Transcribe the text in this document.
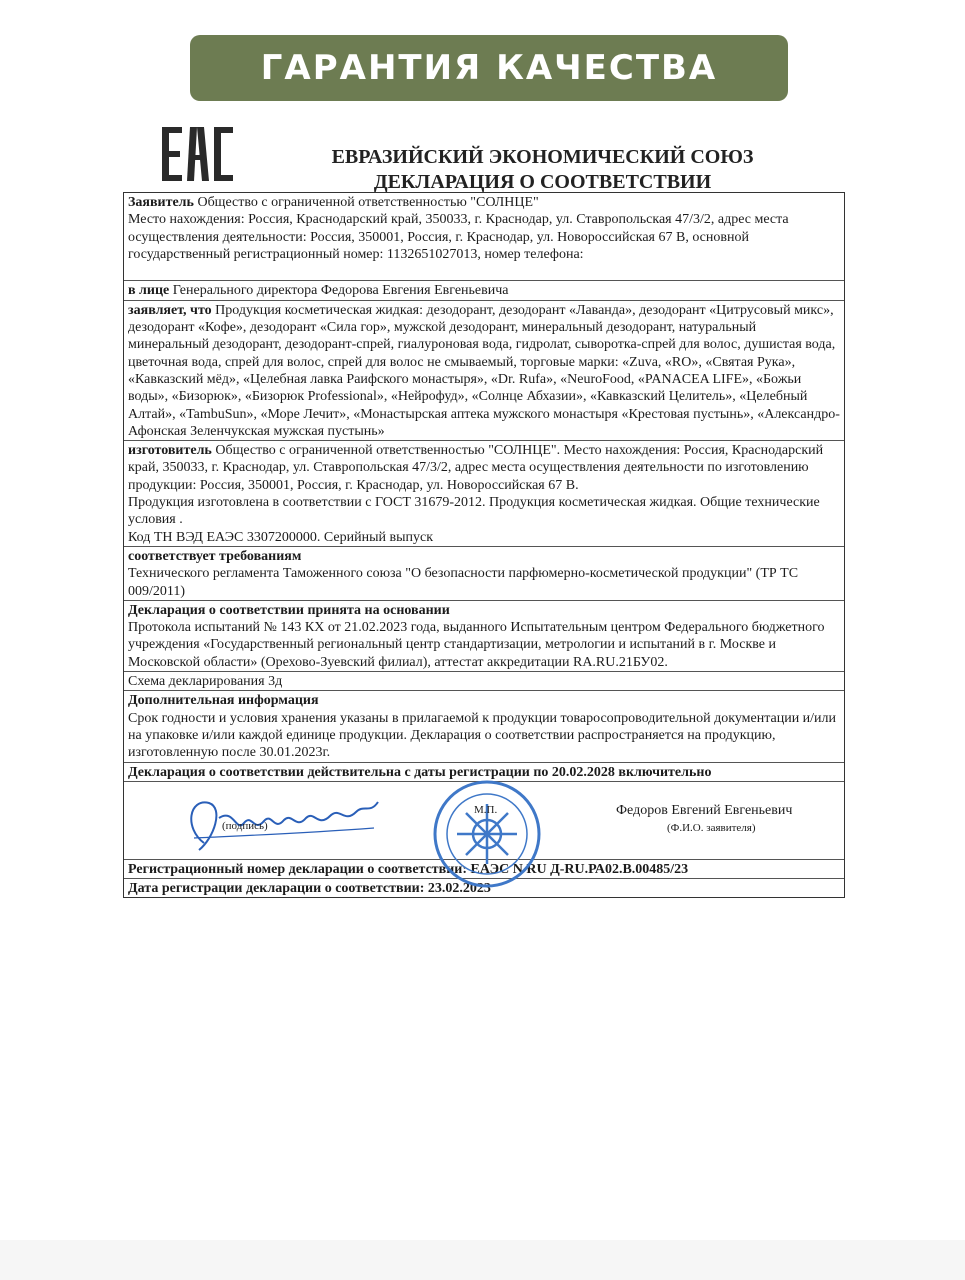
ГАРАНТИЯ КАЧЕСТВА
ЕВРАЗИЙСКИЙ ЭКОНОМИЧЕСКИЙ СОЮЗ
ДЕКЛАРАЦИЯ О СООТВЕТСТВИИ

Заявитель Общество с ограниченной ответственностью "СОЛНЦЕ"

Место нахождения: Россия, Краснодарский край, 350033, г. Краснодар, ул. Ставропольская 47/3/2, адрес места осуществления деятельности: Россия, 350001, Россия, г. Краснодар, ул. Новороссийская 67 В, основной государственный регистрационный номер: 1132651027013, номер телефона:

в лице Генерального директора Федорова Евгения Евгеньевича

заявляет, что Продукция косметическая жидкая: дезодорант, дезодорант «Лаванда», дезодорант «Цитрусовый микс», дезодорант «Кофе», дезодорант «Сила гор», мужской дезодорант, минеральный дезодорант, натуральный минеральный дезодорант, дезодорант-спрей, гиалуроновая вода, гидролат, сыворотка-спрей для волос, душистая вода, цветочная вода, спрей для волос, спрей для волос не смываемый, торговые марки: «Zuva, «RO», «Святая Рука», «Кавказский мёд», «Целебная лавка Раифского монастыря», «Dr. Rufa», «NeuroFood, «PANACEA LIFE», «Божьи воды», «Бизорюк», «Бизорюк Professional», «Нейрофуд», «Солнце Абхазии», «Кавказский Целитель», «Целебный Алтай», «TambuSun», «Море Лечит», «Монастырская аптека мужского монастыря «Крестовая пустынь», «Александро-Афонская Зеленчукская мужская пустынь»

изготовитель Общество с ограниченной ответственностью "СОЛНЦЕ". Место нахождения: Россия, Краснодарский край, 350033, г. Краснодар, ул. Ставропольская 47/3/2, адрес места осуществления деятельности по изготовлению продукции: Россия, 350001, Россия, г. Краснодар, ул. Новороссийская 67 В.

Продукция изготовлена в соответствии с ГОСТ 31679-2012. Продукция косметическая жидкая. Общие технические условия .

Код ТН ВЭД ЕАЭС 3307200000. Серийный выпуск

соответствует требованиям

Технического регламента Таможенного союза "О безопасности парфюмерно-косметической продукции" (ТР ТС 009/2011)

Декларация о соответствии принята на основании

Протокола испытаний № 143 КХ от 21.02.2023 года, выданного Испытательным центром Федерального бюджетного учреждения «Государственный региональный центр стандартизации, метрологии и испытаний в г. Москве и Московской области» (Орехово-Зуевский филиал), аттестат аккредитации RA.RU.21БУ02.

Схема декларирования 3д

Дополнительная информация

Срок годности и условия хранения указаны в прилагаемой к продукции товаросопроводительной документации и/или на упаковке и/или каждой единице продукции. Декларация о соответствии распространяется на продукцию, изготовленную после 30.01.2023г.

Декларация о соответствии действительна с даты регистрации по 20.02.2028 включительно

(подпись)
М.П.	Федоров Евгений Евгеньевич
(Ф.И.О. заявителя)

Регистрационный номер декларации о соответствии: ЕАЭС N RU Д-RU.РА02.В.00485/23

Дата регистрации декларации о соответствии: 23.02.2023
